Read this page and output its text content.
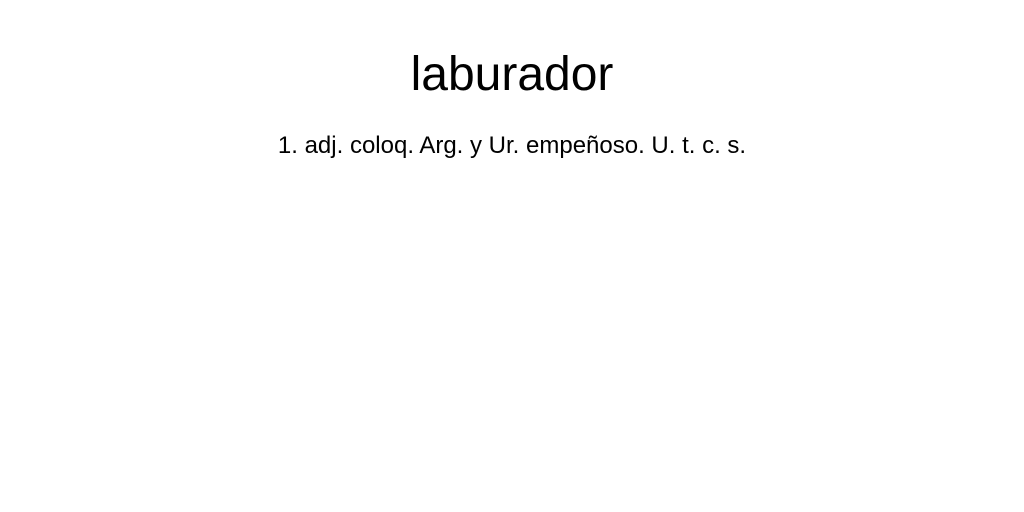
laburador

1. adj. coloq. Arg. y Ur. empeñoso. U. t. c. s.
